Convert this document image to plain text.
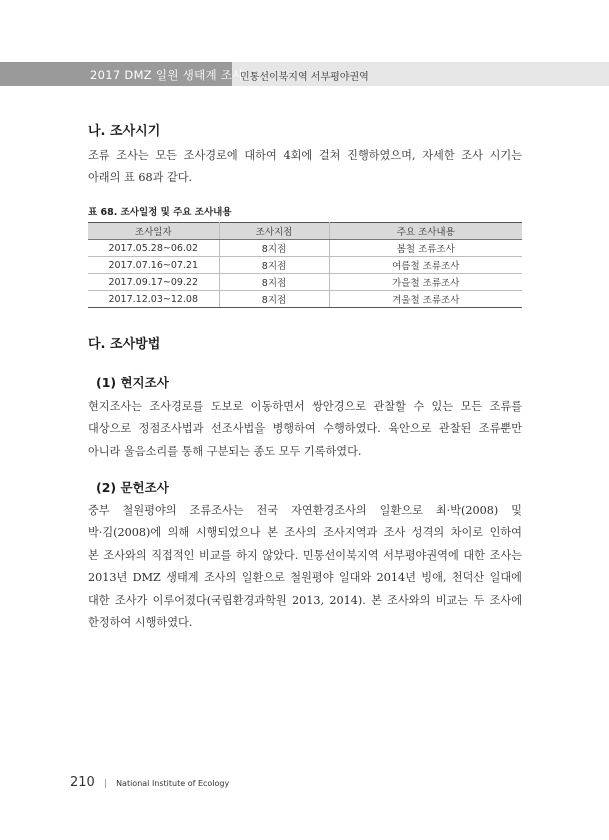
2017 DMZ 일원 생태계 조사
민통선이북지역 서부평야권역
나. 조사시기
조류 조사는 모든 조사경로에 대하여 4회에 걸쳐 진행하였으며, 자세한 조사 시기는
아래의 표 68과 같다.
표 68. 조사일정 및 주요 조사내용
조사일자	조사지점	주요 조사내용
2017.05.28~06.02	8지점	봄철 조류조사
2017.07.16~07.21	8지점	여름철 조류조사
2017.09.17~09.22	8지점	가을철 조류조사
2017.12.03~12.08	8지점	겨울철 조류조사
다. 조사방법
(1) 현지조사
현지조사는 조사경로를 도보로 이동하면서 쌍안경으로 관찰할 수 있는 모든 조류를
대상으로 정점조사법과 선조사법을 병행하여 수행하였다. 육안으로 관찰된 조류뿐만
아니라 울음소리를 통해 구분되는 종도 모두 기록하였다.
(2) 문헌조사
중부 철원평야의 조류조사는 전국 자연환경조사의 일환으로 최·박(2008) 및
박·김(2008)에 의해 시행되었으나 본 조사의 조사지역과 조사 성격의 차이로 인하여
본 조사와의 직접적인 비교를 하지 않았다. 민통선이북지역 서부평야권역에 대한 조사는
2013년 DMZ 생태계 조사의 일환으로 철원평야 일대와 2014년 빙애, 천덕산 일대에
대한 조사가 이루어졌다(국립환경과학원 2013, 2014). 본 조사와의 비교는 두 조사에
한정하여 시행하였다.
210 | National Institute of Ecology
